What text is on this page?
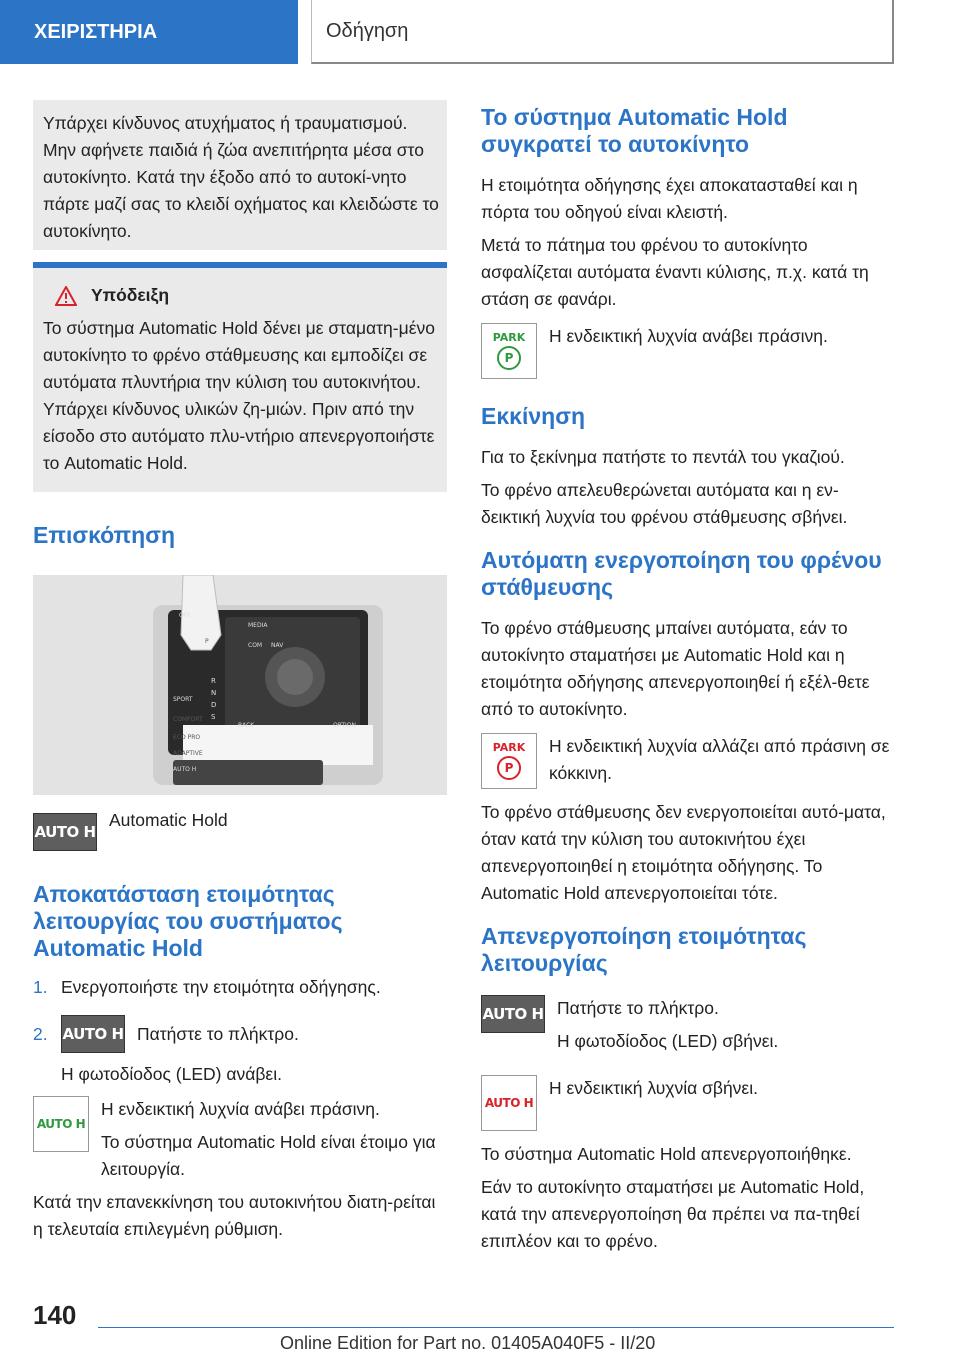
ΧΕΙΡΙΣΤΗΡΙΑ	Οδήγηση

Υπάρχει κίνδυνος ατυχήματος ή τραυματισμού. Μην αφήνετε παιδιά ή ζώα ανεπιτήρητα μέσα στο αυτοκίνητο. Κατά την έξοδο από το αυτοκί-νητο πάρτε μαζί σας το κλειδί οχήματος και κλειδώστε το αυτοκίνητο.

Υπόδειξη

Το σύστημα Automatic Hold δένει με σταματη-μένο αυτοκίνητο το φρένο στάθμευσης και εμποδίζει σε αυτόματα πλυντήρια την κύλιση του αυτοκινήτου. Υπάρχει κίνδυνος υλικών ζη-μιών. Πριν από την είσοδο στο αυτόματο πλυ-ντήριο απενεργοποιήστε το Automatic Hold.

Επισκόπηση

OFF
MEDIA
COM NAV
BACK	OPTION
SPORT
COMFORT
ECO PRO
ADAPTIVE
AUTO H
P
R
N
D
S
AUTO H
Automatic Hold

Αποκατάσταση ετοιμότητας λειτουργίας του συστήματος Automatic Hold

1. Ενεργοποιήστε την ετοιμότητα οδήγησης.
2. AUTO H Πατήστε το πλήκτρο.

Η φωτοδίοδος (LED) ανάβει.

AUTO H

Η ενδεικτική λυχνία ανάβει πράσινη.

Το σύστημα Automatic Hold είναι έτοιμο για λειτουργία.

Κατά την επανεκκίνηση του αυτοκινήτου διατη-ρείται η τελευταία επιλεγμένη ρύθμιση.

Το σύστημα Automatic Hold συγκρατεί το αυτοκίνητο

Η ετοιμότητα οδήγησης έχει αποκατασταθεί και η πόρτα του οδηγού είναι κλειστή.

Μετά το πάτημα του φρένου το αυτοκίνητο ασφαλίζεται αυτόματα έναντι κύλισης, π.χ. κατά τη στάση σε φανάρι.

PARK
P

Η ενδεικτική λυχνία ανάβει πράσινη.

Εκκίνηση

Για το ξεκίνημα πατήστε το πεντάλ του γκαζιού.

Το φρένο απελευθερώνεται αυτόματα και η εν-δεικτική λυχνία του φρένου στάθμευσης σβήνει.

Αυτόματη ενεργοποίηση του φρένου στάθμευσης

Το φρένο στάθμευσης μπαίνει αυτόματα, εάν το αυτοκίνητο σταματήσει με Automatic Hold και η ετοιμότητα οδήγησης απενεργοποιηθεί ή εξέλ-θετε από το αυτοκίνητο.

PARK
P

Η ενδεικτική λυχνία αλλάζει από πράσινη σε κόκκινη.

Το φρένο στάθμευσης δεν ενεργοποιείται αυτό-ματα, όταν κατά την κύλιση του αυτοκινήτου έχει απενεργοποιηθεί η ετοιμότητα οδήγησης. Το Automatic Hold απενεργοποιείται τότε.

Απενεργοποίηση ετοιμότητας λειτουργίας

AUTO H Πατήστε το πλήκτρο.

Η φωτοδίοδος (LED) σβήνει.

AUTO H

Η ενδεικτική λυχνία σβήνει.

Το σύστημα Automatic Hold απενεργοποιήθηκε.

Εάν το αυτοκίνητο σταματήσει με Automatic Hold, κατά την απενεργοποίηση θα πρέπει να πα-τηθεί επιπλέον και το φρένο.

140
Online Edition for Part no. 01405A040F5 - II/20
